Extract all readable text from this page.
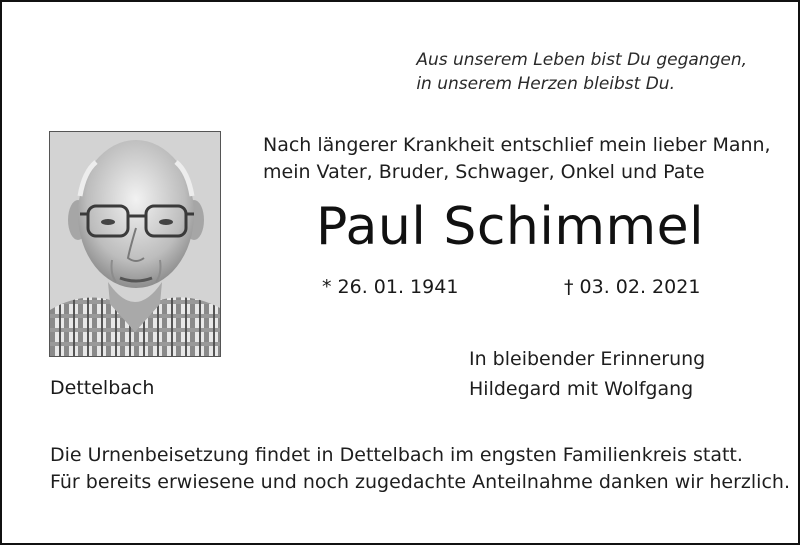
Aus unserem Leben bist Du gegangen,
in unserem Herzen bleibst Du.
Nach längerer Krankheit entschlief mein lieber Mann,
mein Vater, Bruder, Schwager, Onkel und Pate
Paul Schimmel
* 26. 01. 1941	† 03. 02. 2021
In bleibender Erinnerung
Hildegard mit Wolfgang
Dettelbach
Die Urnenbeisetzung findet in Dettelbach im engsten Familienkreis statt.
Für bereits erwiesene und noch zugedachte Anteilnahme danken wir herzlich.
